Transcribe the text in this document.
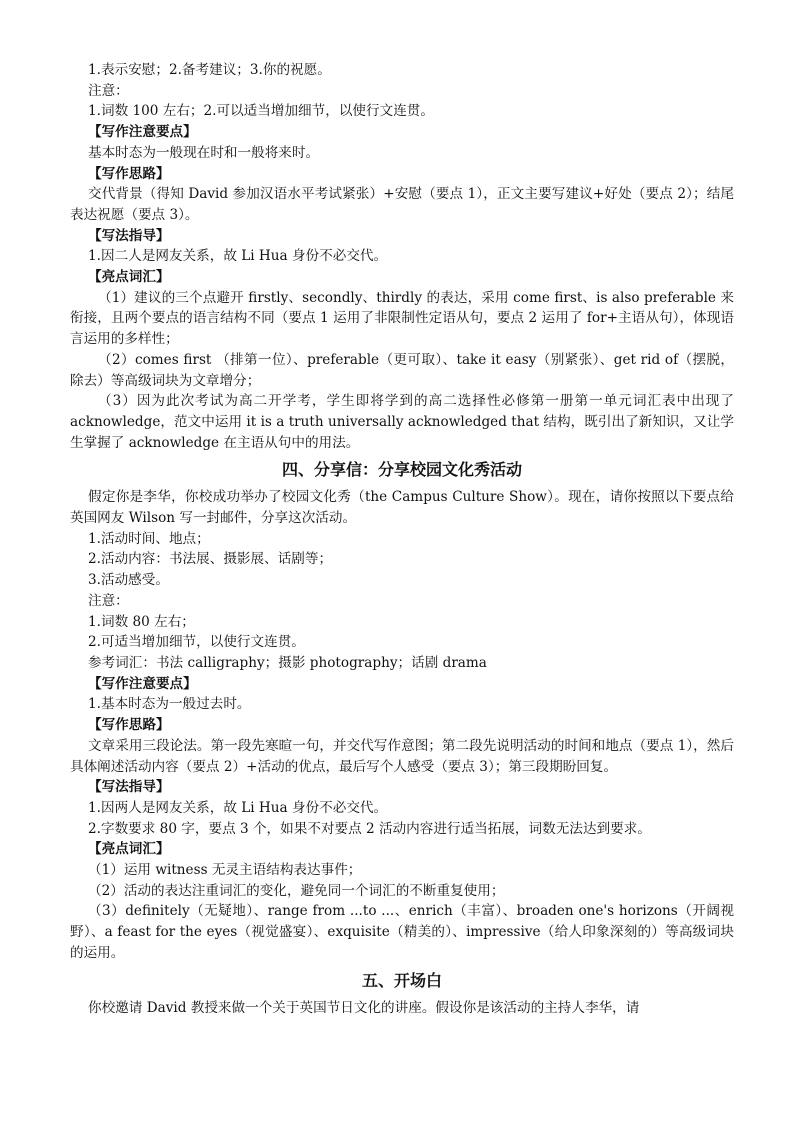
1.表示安慰；2.备考建议；3.你的祝愿。

注意：

1.词数 100 左右；2.可以适当增加细节，以使行文连贯。

【写作注意要点】

基本时态为一般现在时和一般将来时。

【写作思路】

交代背景（得知 David 参加汉语水平考试紧张）+安慰（要点 1），正文主要写建议+好处（要点 2）；结尾表达祝愿（要点 3）。

【写法指导】

1.因二人是网友关系，故 Li Hua 身份不必交代。

【亮点词汇】

（1）建议的三个点避开 firstly、secondly、thirdly 的表达，采用 come first、is also preferable 来衔接，且两个要点的语言结构不同（要点 1 运用了非限制性定语从句，要点 2 运用了 for+主语从句），体现语言运用的多样性；

（2）comes first （排第一位）、preferable（更可取）、take it easy（别紧张）、get rid of（摆脱，除去）等高级词块为文章增分；

（3）因为此次考试为高二开学考，学生即将学到的高二选择性必修第一册第一单元词汇表中出现了 acknowledge，范文中运用 it is a truth universally acknowledged that 结构，既引出了新知识，又让学生掌握了 acknowledge 在主语从句中的用法。

四、分享信：分享校园文化秀活动

假定你是李华，你校成功举办了校园文化秀（the Campus Culture Show）。现在，请你按照以下要点给英国网友 Wilson 写一封邮件，分享这次活动。

1.活动时间、地点；

2.活动内容：书法展、摄影展、话剧等；

3.活动感受。

注意：

1.词数 80 左右；

2.可适当增加细节，以使行文连贯。

参考词汇：书法 calligraphy；摄影 photography；话剧 drama

【写作注意要点】

1.基本时态为一般过去时。

【写作思路】

文章采用三段论法。第一段先寒暄一句，并交代写作意图；第二段先说明活动的时间和地点（要点 1），然后具体阐述活动内容（要点 2）+活动的优点，最后写个人感受（要点 3）；第三段期盼回复。

【写法指导】

1.因两人是网友关系，故 Li Hua 身份不必交代。

2.字数要求 80 字，要点 3 个，如果不对要点 2 活动内容进行适当拓展，词数无法达到要求。

【亮点词汇】

（1）运用 witness 无灵主语结构表达事件；

（2）活动的表达注重词汇的变化，避免同一个词汇的不断重复使用；

（3）definitely（无疑地）、range from ...to ...、enrich（丰富）、broaden one's horizons（开阔视野）、a feast for the eyes（视觉盛宴）、exquisite（精美的）、impressive（给人印象深刻的）等高级词块的运用。

五、开场白

你校邀请 David 教授来做一个关于英国节日文化的讲座。假设你是该活动的主持人李华，请
